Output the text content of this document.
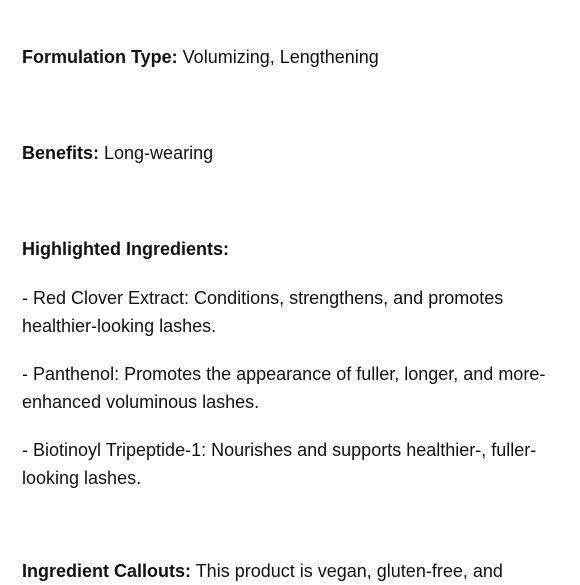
Formulation Type: Volumizing, Lengthening

Benefits: Long-wearing

Highlighted Ingredients:

- Red Clover Extract: Conditions, strengthens, and promotes healthier-looking lashes.
- Panthenol: Promotes the appearance of fuller, longer, and more-enhanced voluminous lashes.
- Biotinoyl Tripeptide-1: Nourishes and supports healthier-, fuller-looking lashes.

Ingredient Callouts: This product is vegan, gluten-free, and
